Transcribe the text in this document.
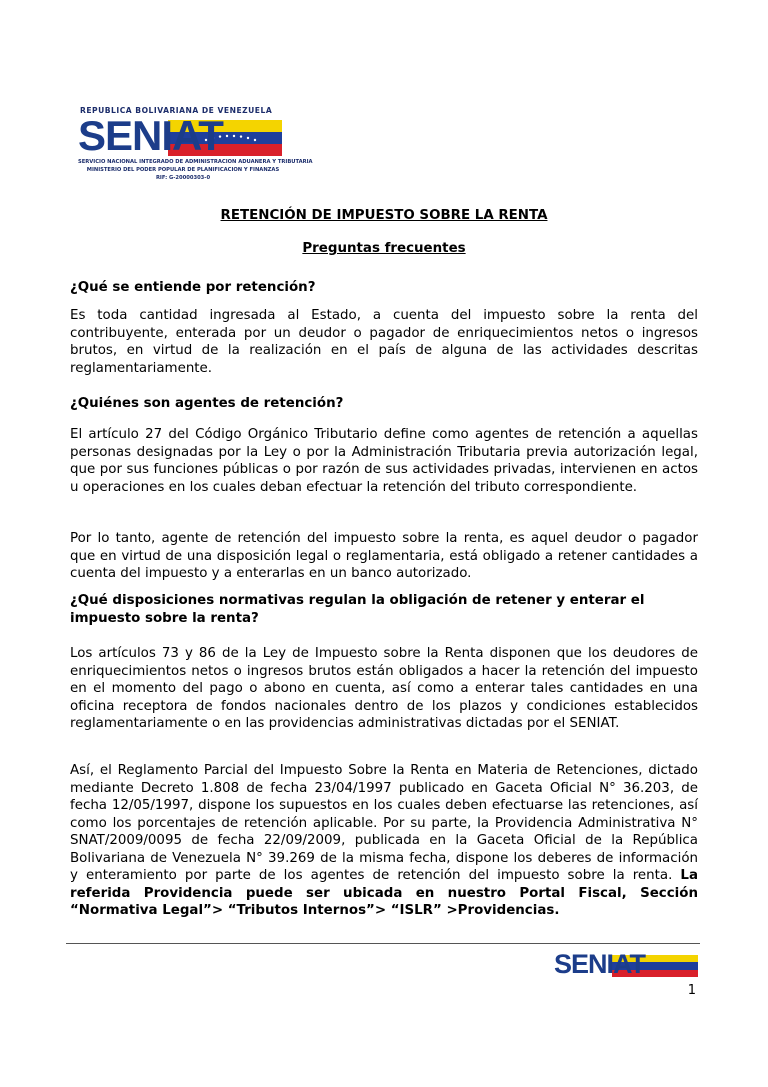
REPUBLICA BOLIVARIANA DE VENEZUELA
SENIAT
SERVICIO NACIONAL INTEGRADO DE ADMINISTRACION ADUANERA Y TRIBUTARIA
MINISTERIO DEL PODER POPULAR DE PLANIFICACION Y FINANZAS
RIF: G-20000303-0
RETENCIÓN DE IMPUESTO SOBRE LA RENTA
Preguntas frecuentes
¿Qué se entiende por retención?
Es toda cantidad ingresada al Estado, a cuenta del impuesto sobre la renta del contribuyente, enterada por un deudor o pagador de enriquecimientos netos o ingresos brutos, en virtud de la realización en el país de alguna de las actividades descritas reglamentariamente.
¿Quiénes son agentes de retención?
El artículo 27 del Código Orgánico Tributario define como agentes de retención a aquellas personas designadas por la Ley o por la Administración Tributaria previa autorización legal, que por sus funciones públicas o por razón de sus actividades privadas, intervienen en actos u operaciones en los cuales deban efectuar la retención del tributo correspondiente.
Por lo tanto, agente de retención del impuesto sobre la renta, es aquel deudor o pagador que en virtud de una disposición legal o reglamentaria, está obligado a retener cantidades a cuenta del impuesto y a enterarlas en un banco autorizado.
¿Qué disposiciones normativas regulan la obligación de retener y enterar el impuesto sobre la renta?
Los artículos 73 y 86 de la Ley de Impuesto sobre la Renta disponen que los deudores de enriquecimientos netos o ingresos brutos están obligados a hacer la retención del impuesto en el momento del pago o abono en cuenta, así como a enterar tales cantidades en una oficina receptora de fondos nacionales dentro de los plazos y condiciones establecidos reglamentariamente o en las providencias administrativas dictadas por el SENIAT.
Así, el Reglamento Parcial del Impuesto Sobre la Renta en Materia de Retenciones, dictado mediante Decreto 1.808 de fecha 23/04/1997 publicado en Gaceta Oficial N° 36.203, de fecha 12/05/1997, dispone los supuestos en los cuales deben efectuarse las retenciones, así como los porcentajes de retención aplicable. Por su parte, la Providencia Administrativa N° SNAT/2009/0095 de fecha 22/09/2009, publicada en la Gaceta Oficial de la República Bolivariana de Venezuela N° 39.269 de la misma fecha, dispone los deberes de información y enteramiento por parte de los agentes de retención del impuesto sobre la renta. La referida Providencia puede ser ubicada en nuestro Portal Fiscal, Sección “Normativa Legal”> “Tributos Internos”> “ISLR” >Providencias.
SENIAT
1
